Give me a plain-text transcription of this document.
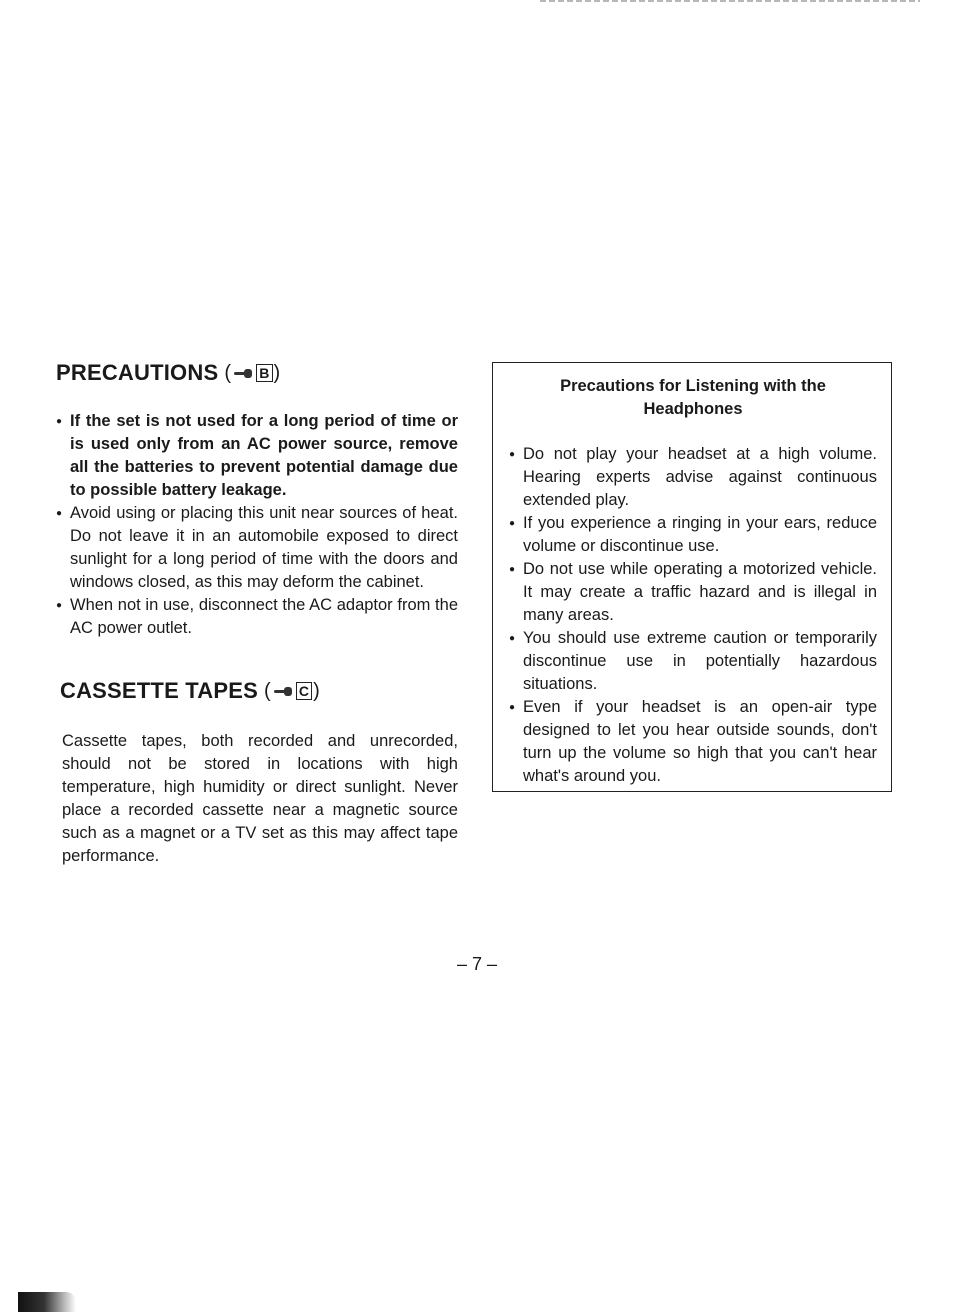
PRECAUTIONS ( B )
● If the set is not used for a long period of time or is used only from an AC power source, remove all the batteries to prevent potential damage due to possible battery leakage.
● Avoid using or placing this unit near sources of heat. Do not leave it in an automobile exposed to direct sunlight for a long period of time with the doors and windows closed, as this may deform the cabinet.
● When not in use, disconnect the AC adaptor from the AC power outlet.
CASSETTE TAPES ( C )

Cassette tapes, both recorded and unrecorded, should not be stored in locations with high temperature, high humidity or direct sunlight. Never place a recorded cassette near a magnetic source such as a magnet or a TV set as this may affect tape performance.

Precautions for Listening with the Headphones
● Do not play your headset at a high volume. Hearing experts advise against continuous extended play.
● If you experience a ringing in your ears, reduce volume or discontinue use.
● Do not use while operating a motorized vehicle. It may create a traffic hazard and is illegal in many areas.
● You should use extreme caution or temporarily discontinue use in potentially hazardous situations.
● Even if your headset is an open-air type designed to let you hear outside sounds, don't turn up the volume so high that you can't hear what's around you.
– 7 –
